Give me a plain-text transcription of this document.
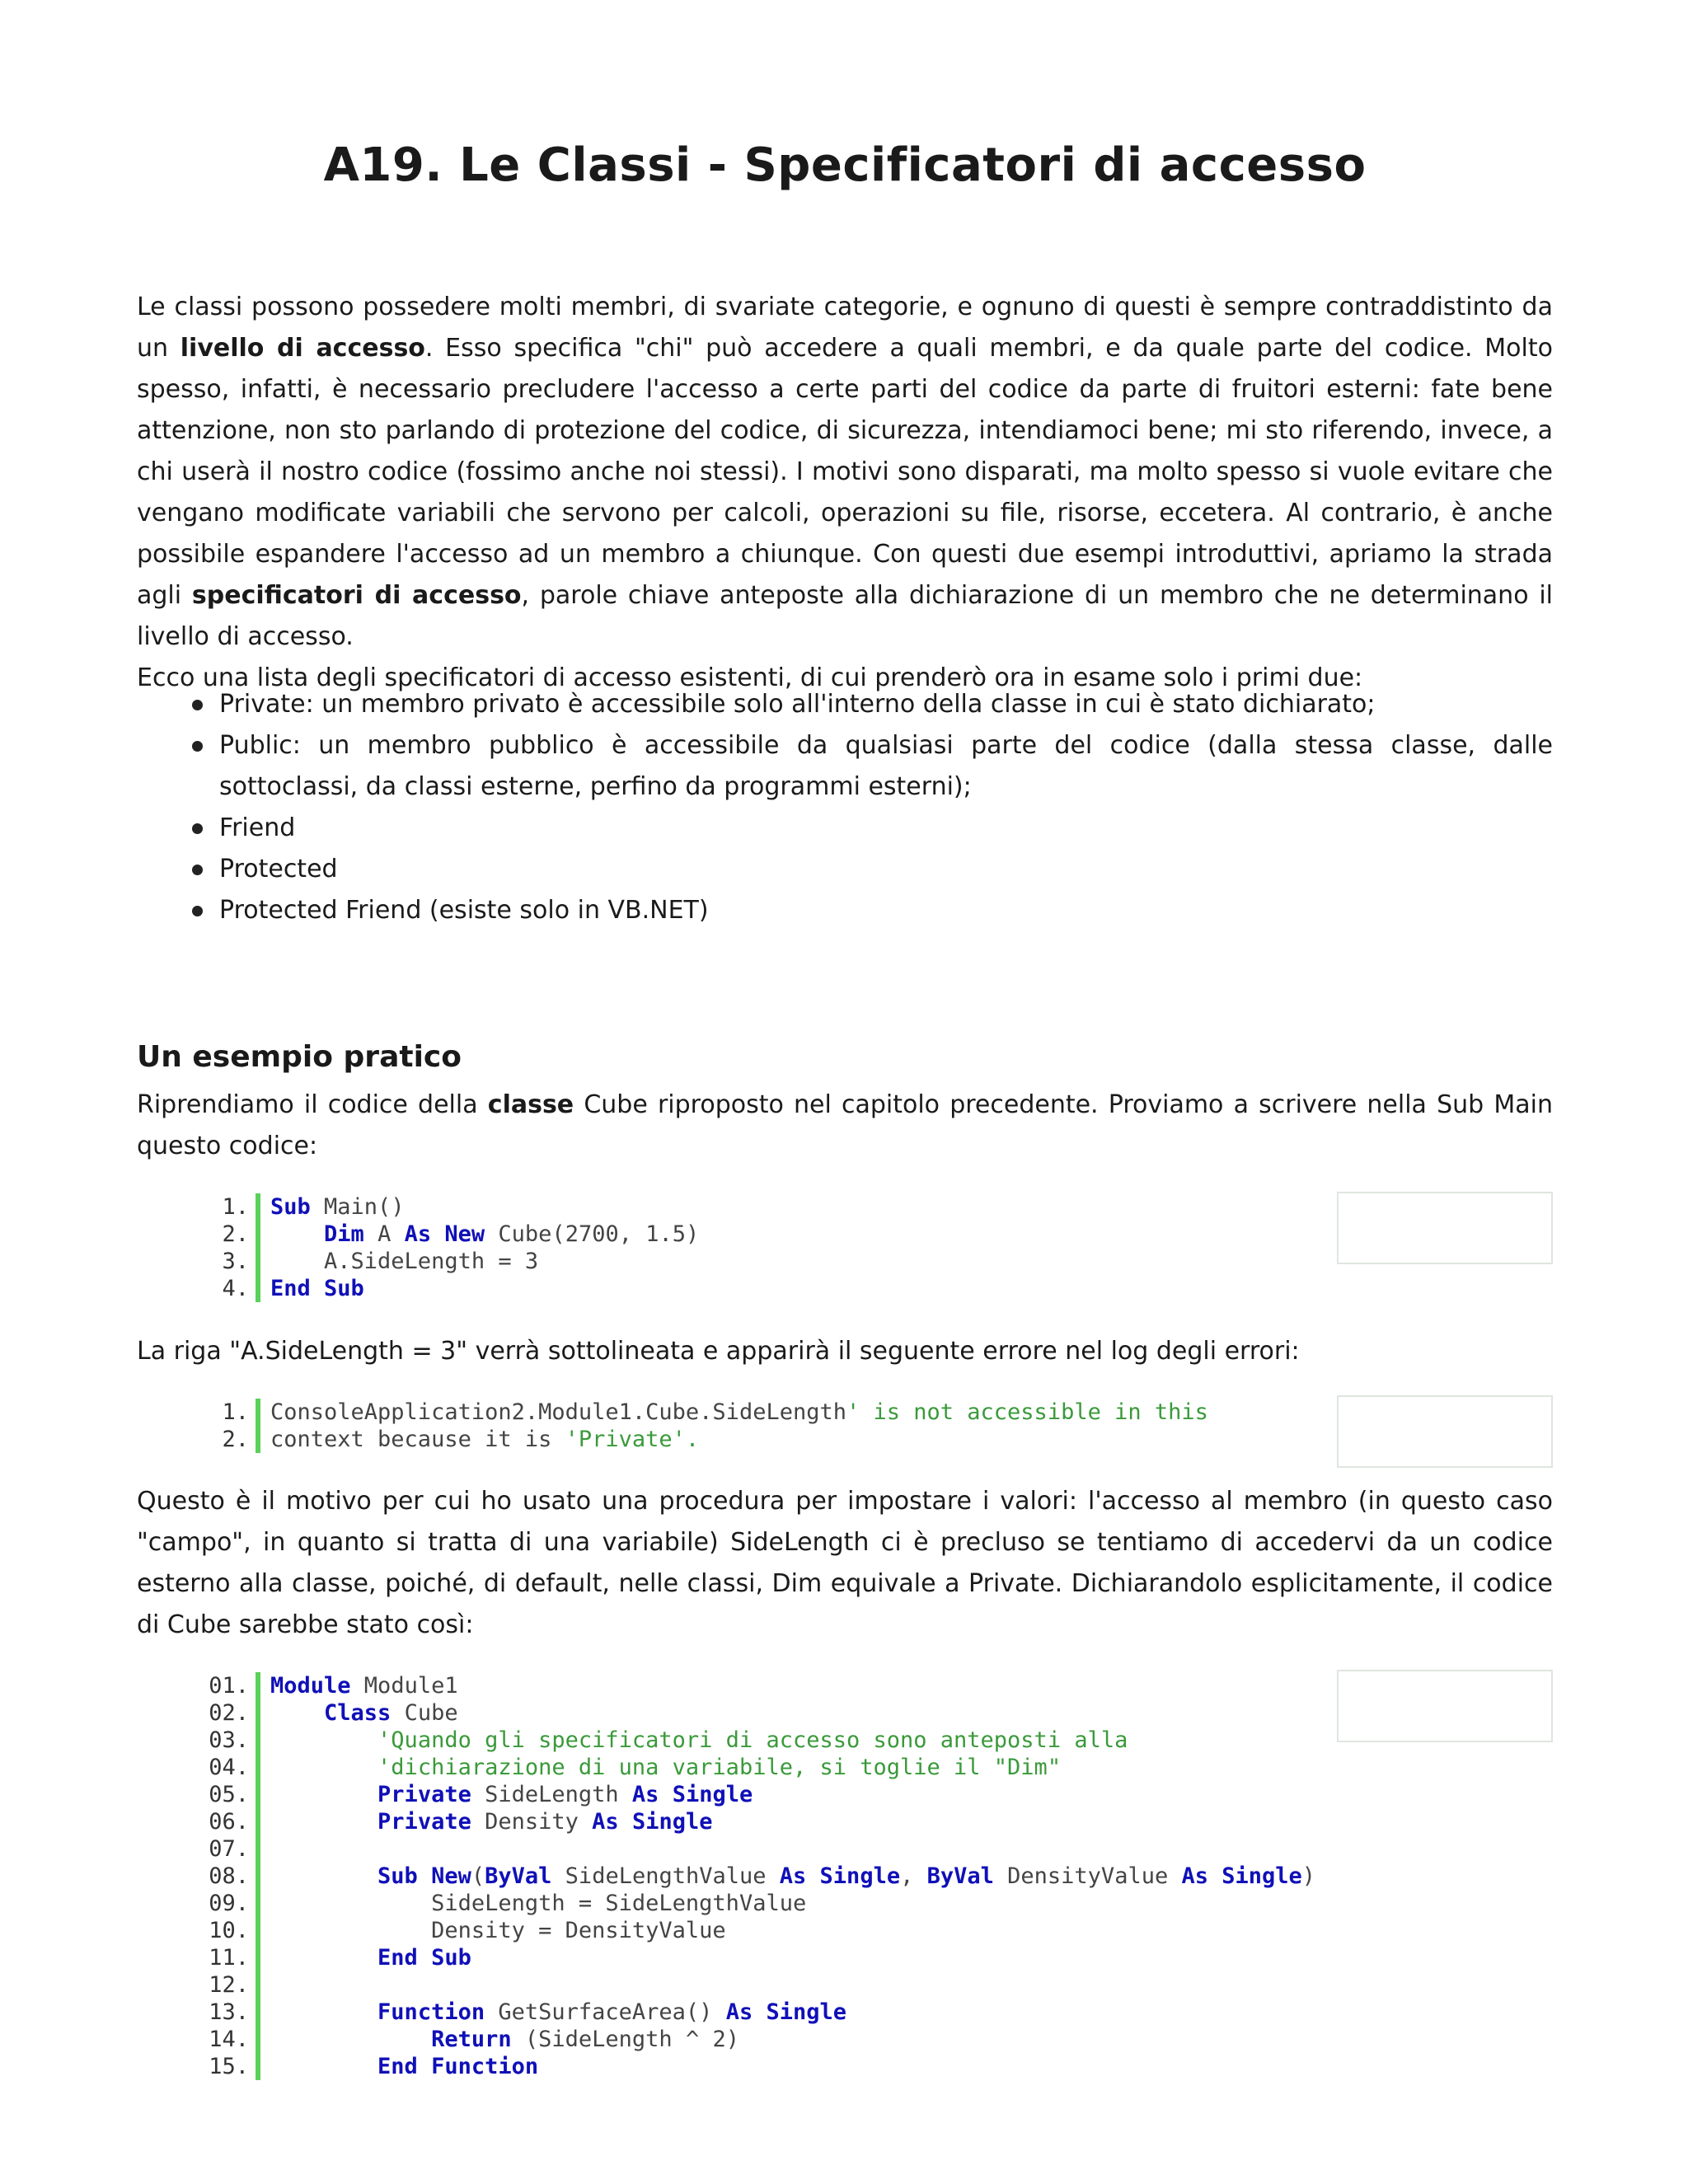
A19. Le Classi - Specificatori di accesso

Le classi possono possedere molti membri, di svariate categorie, e ognuno di questi è sempre contraddistinto da un livello di accesso. Esso specifica "chi" può accedere a quali membri, e da quale parte del codice. Molto spesso, infatti, è necessario precludere l'accesso a certe parti del codice da parte di fruitori esterni: fate bene attenzione, non sto parlando di protezione del codice, di sicurezza, intendiamoci bene; mi sto riferendo, invece, a chi userà il nostro codice (fossimo anche noi stessi). I motivi sono disparati, ma molto spesso si vuole evitare che vengano modificate variabili che servono per calcoli, operazioni su file, risorse, eccetera. Al contrario, è anche possibile espandere l'accesso ad un membro a chiunque. Con questi due esempi introduttivi, apriamo la strada agli specificatori di accesso, parole chiave anteposte alla dichiarazione di un membro che ne determinano il livello di accesso.
Ecco una lista degli specificatori di accesso esistenti, di cui prenderò ora in esame solo i primi due:

Private: un membro privato è accessibile solo all'interno della classe in cui è stato dichiarato;
Public: un membro pubblico è accessibile da qualsiasi parte del codice (dalla stessa classe, dalle sottoclassi, da classi esterne, perfino da programmi esterni);
Friend
Protected
Protected Friend (esiste solo in VB.NET)
Un esempio pratico

Riprendiamo il codice della classe Cube riproposto nel capitolo precedente. Proviamo a scrivere nella Sub Main questo codice:

1. Sub Main()
2.	Dim A As New Cube(2700, 1.5)
3. A.SideLength = 3
4. End Sub

La riga "A.SideLength = 3" verrà sottolineata e apparirà il seguente errore nel log degli errori:

1. ConsoleApplication2.Module1.Cube.SideLength' is not accessible in this
2. context because it is 'Private'.

Questo è il motivo per cui ho usato una procedura per impostare i valori: l'accesso al membro (in questo caso "campo", in quanto si tratta di una variabile) SideLength ci è precluso se tentiamo di accedervi da un codice esterno alla classe, poiché, di default, nelle classi, Dim equivale a Private. Dichiarandolo esplicitamente, il codice di Cube sarebbe stato così:

01. Module Module1
02.	Class Cube
03.	'Quando gli specificatori di accesso sono anteposti alla
04.	'dichiarazione di una variabile, si toglie il "Dim"
05.	Private SideLength As Single
06.	Private Density As Single
07.
08.	Sub New(ByVal SideLengthValue As Single, ByVal DensityValue As Single)
09. SideLength = SideLengthValue
10. Density = DensityValue
11.	End Sub
12.
13.	Function GetSurfaceArea() As Single
14.	Return (SideLength ^ 2)
15.	End Function
